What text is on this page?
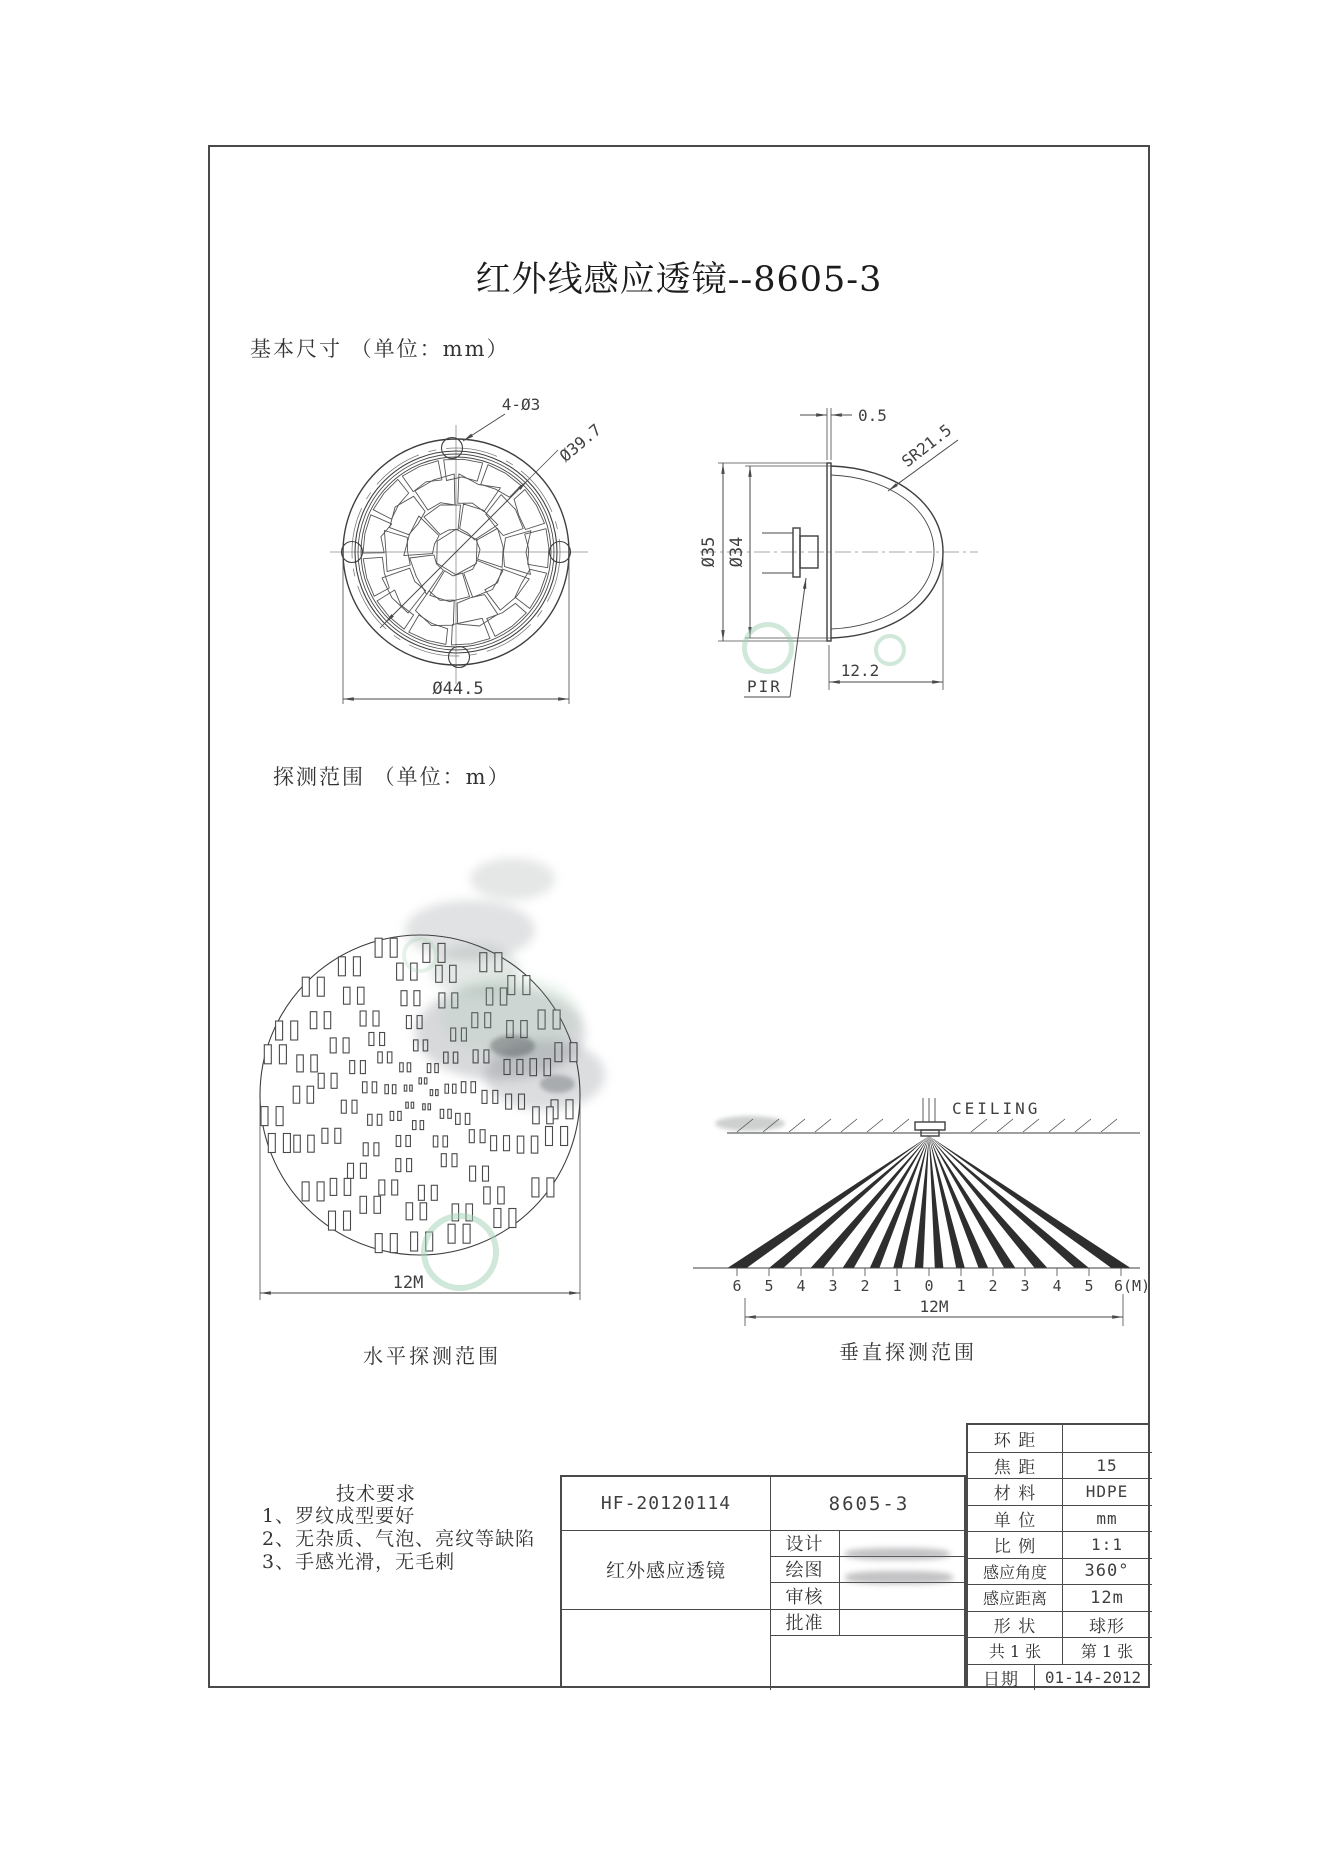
红外线感应透镜--8605-3
基本尺寸 （单位：mm）
探测范围 （单位：m）
4-Ø3
Ø39.7
Ø44.5
Ø35 Ø34
0.5
SR21.5
12.2
PIR
12M
CEILING
6 5 4 3 2 1 0 1 2 3 4 5 6(M)
12M
水平探测范围	垂直探测范围
技术要求
1、罗纹成型要好
2、无杂质、气泡、亮纹等缺陷
3、手感光滑，无毛刺
HF-20120114	8605-3
红外感应透镜
设计
绘图
审核
批准
环 距
焦 距	15
材 料	HDPE
单 位	mm
比 例	1:1
感应角度	360°
感应距离	12m
形 状	球形
共 1 张	第 1 张
日期	01-14-2012
